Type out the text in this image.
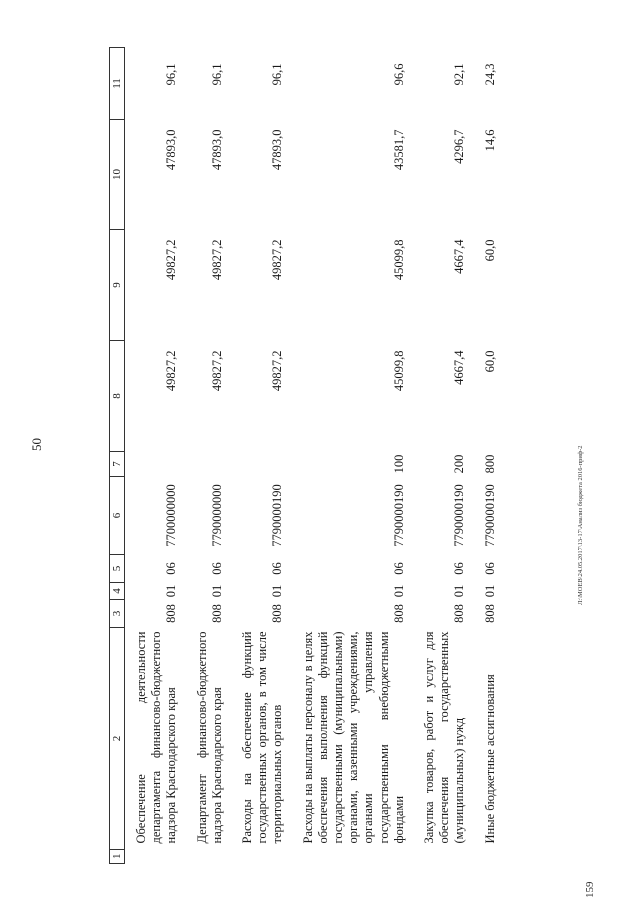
50
Л:\МОЕВ\24.05.2017\13-17\Анализ бюджета 2016-приф-2
159
1	2	3	4	5	6	7	8	9	10	11
	Обеспечение деятельности департамента финансово-бюджетного надзора Краснодарского края	808	01	06	7700000000		49827,2	49827,2	47893,0	96,1
	Департамент финансово-бюджетного надзора Краснодарского края	808	01	06	7790000000		49827,2	49827,2	47893,0	96,1
	Расходы на обеспечение функций государственных органов, в том числе территориальных органов	808	01	06	7790000190		49827,2	49827,2	47893,0	96,1
	Расходы на выплаты персоналу в целях обеспечения выполнения функций государственными (муниципальными) органами, казенными учреждениями, органами управления государственными внебюджетными фондами	808	01	06	7790000190	100	45099,8	45099,8	43581,7	96,6
	Закупка товаров, работ и услуг для обеспечения государственных (муниципальных) нужд	808	01	06	7790000190	200	4667,4	4667,4	4296,7	92,1
	Иные бюджетные ассигнования	808	01	06	7790000190	800	60,0	60,0	14,6	24,3
